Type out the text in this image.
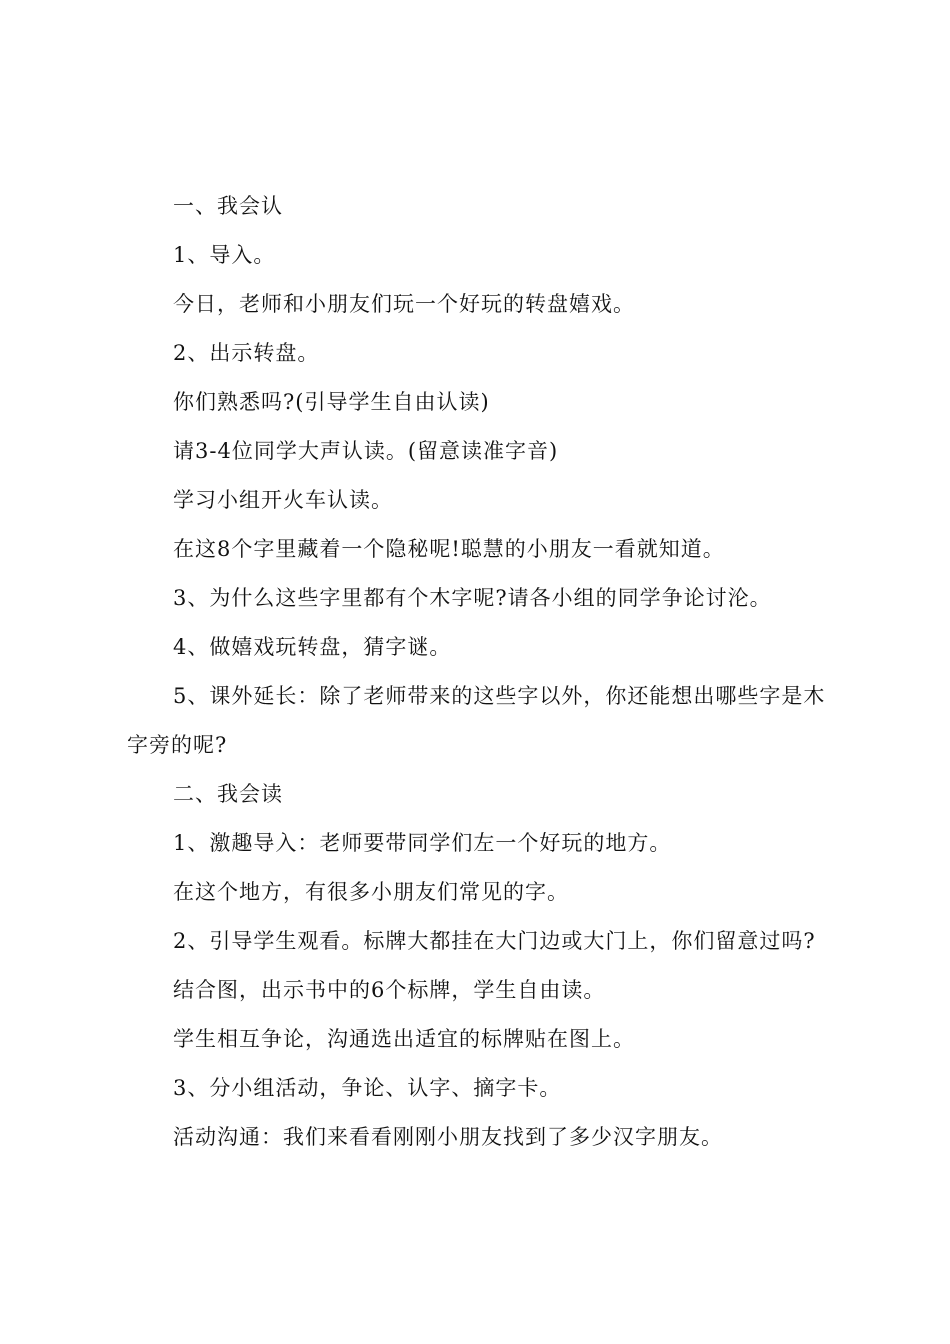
一、我会认

1、导入。

今日，老师和小朋友们玩一个好玩的转盘嬉戏。

2、出示转盘。

你们熟悉吗?(引导学生自由认读)

请3-4位同学大声认读。(留意读准字音)

学习小组开火车认读。

在这8个字里藏着一个隐秘呢!聪慧的小朋友一看就知道。

3、为什么这些字里都有个木字呢?请各小组的同学争论讨沦。

4、做嬉戏玩转盘，猜字谜。

5、课外延长：除了老师带来的这些字以外，你还能想出哪些字是木字旁的呢?

二、我会读

1、激趣导入：老师要带同学们左一个好玩的地方。

在这个地方，有很多小朋友们常见的字。

2、引导学生观看。标牌大都挂在大门边或大门上，你们留意过吗?

结合图，出示书中的6个标牌，学生自由读。

学生相互争论，沟通选出适宜的标牌贴在图上。

3、分小组活动，争论、认字、摘字卡。

活动沟通：我们来看看刚刚小朋友找到了多少汉字朋友。
